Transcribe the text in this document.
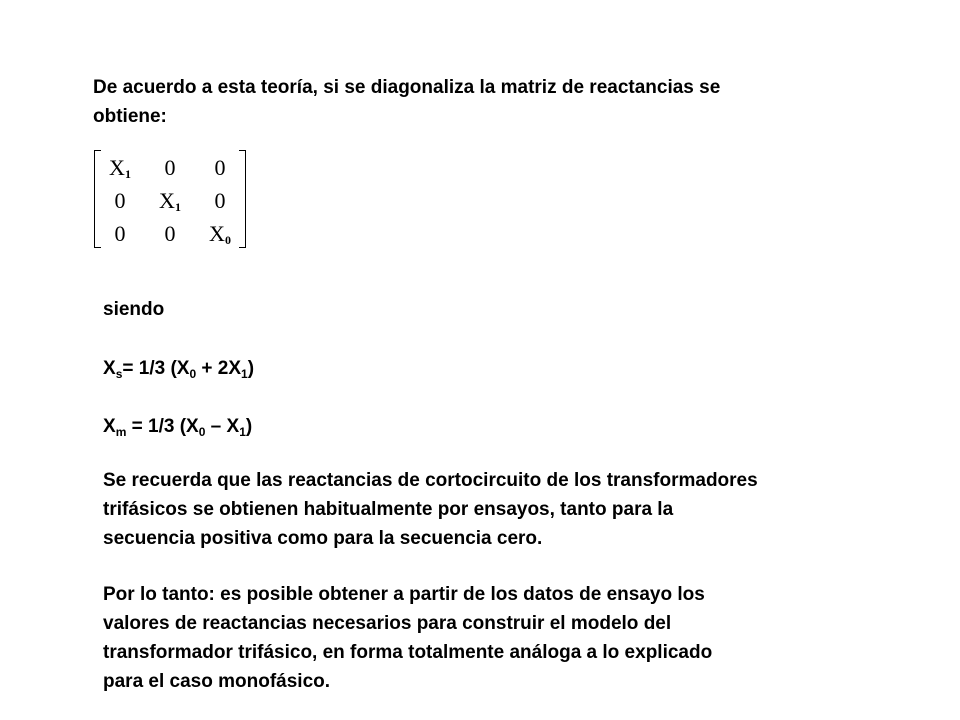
De acuerdo a esta teoría, si se diagonaliza la matriz de reactancias se
obtiene:

$X_1$	0	0
0	$X_1$	0
0	0	$X_0$

siendo

$X_s= 1/3$ $(X_0 + 2X_1)$

$X_m = 1/3$ $(X_0 - X_1)$

Se recuerda que las reactancias de cortocircuito de los transformadores
trifásicos se obtienen habitualmente por ensayos, tanto para la
secuencia positiva como para la secuencia cero.

Por lo tanto: es posible obtener a partir de los datos de ensayo los
valores de reactancias necesarios para construir el modelo del
transformador trifásico, en forma totalmente análoga a lo explicado
para el caso monofásico.
